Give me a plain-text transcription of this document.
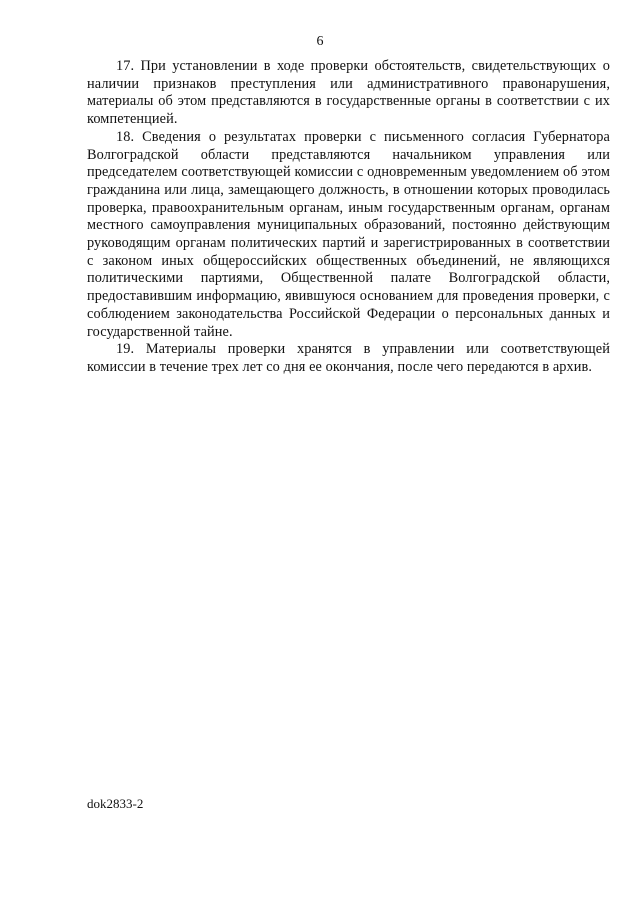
6

17. При установлении в ходе проверки обстоятельств, свидетельствующих о наличии признаков преступления или административного правонарушения, материалы об этом представляются в государственные органы в соответствии с их компетенцией.

18. Сведения о результатах проверки с письменного согласия Губернатора Волгоградской области представляются начальником управления или председателем соответствующей комиссии с одновременным уведомлением об этом гражданина или лица, замещающего должность, в отношении которых проводилась проверка, правоохранительным органам, иным государственным органам, органам местного самоуправления муниципальных образований, постоянно действующим руководящим органам политических партий и зарегистрированных в соответствии с законом иных общероссийских общественных объединений, не являющихся политическими партиями, Общественной палате Волгоградской области, предоставившим информацию, явившуюся основанием для проведения проверки, с соблюдением законодательства Российской Федерации о персональных данных и государственной тайне.

19. Материалы проверки хранятся в управлении или соответствующей комиссии в течение трех лет со дня ее окончания, после чего передаются в архив.

dok2833-2
